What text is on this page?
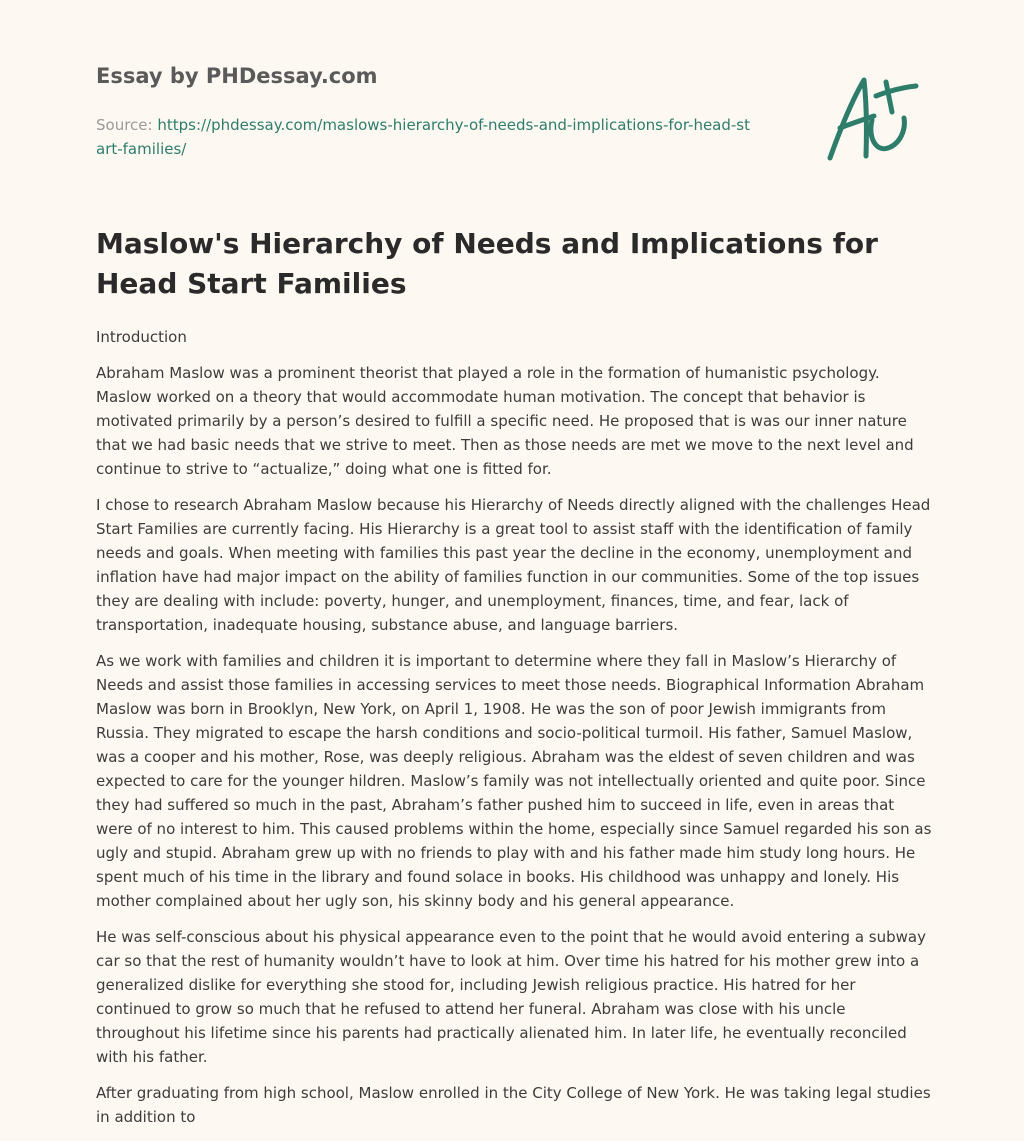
Essay by PHDessay.com
Source: https://phdessay.com/maslows-hierarchy-of-needs-and-implications-for-head-start-families/
Maslow's Hierarchy of Needs and Implications for Head Start Families

Introduction

Abraham Maslow was a prominent theorist that played a role in the formation of humanistic psychology. Maslow worked on a theory that would accommodate human motivation. The concept that behavior is motivated primarily by a person’s desired to fulfill a specific need. He proposed that is was our inner nature that we had basic needs that we strive to meet. Then as those needs are met we move to the next level and continue to strive to “actualize,” doing what one is fitted for.

I chose to research Abraham Maslow because his Hierarchy of Needs directly aligned with the challenges Head Start Families are currently facing. His Hierarchy is a great tool to assist staff with the identification of family needs and goals. When meeting with families this past year the decline in the economy, unemployment and inflation have had major impact on the ability of families function in our communities. Some of the top issues they are dealing with include: poverty, hunger, and unemployment, finances, time, and fear, lack of transportation, inadequate housing, substance abuse, and language barriers.

As we work with families and children it is important to determine where they fall in Maslow’s Hierarchy of Needs and assist those families in accessing services to meet those needs. Biographical Information Abraham Maslow was born in Brooklyn, New York, on April 1, 1908. He was the son of poor Jewish immigrants from Russia. They migrated to escape the harsh conditions and socio-political turmoil. His father, Samuel Maslow, was a cooper and his mother, Rose, was deeply religious. Abraham was the eldest of seven children and was expected to care for the younger hildren. Maslow’s family was not intellectually oriented and quite poor. Since they had suffered so much in the past, Abraham’s father pushed him to succeed in life, even in areas that were of no interest to him. This caused problems within the home, especially since Samuel regarded his son as ugly and stupid. Abraham grew up with no friends to play with and his father made him study long hours. He spent much of his time in the library and found solace in books. His childhood was unhappy and lonely. His mother complained about her ugly son, his skinny body and his general appearance.

He was self-conscious about his physical appearance even to the point that he would avoid entering a subway car so that the rest of humanity wouldn’t have to look at him. Over time his hatred for his mother grew into a generalized dislike for everything she stood for, including Jewish religious practice. His hatred for her continued to grow so much that he refused to attend her funeral. Abraham was close with his uncle throughout his lifetime since his parents had practically alienated him. In later life, he eventually reconciled with his father.

After graduating from high school, Maslow enrolled in the City College of New York. He was taking legal studies in addition to
